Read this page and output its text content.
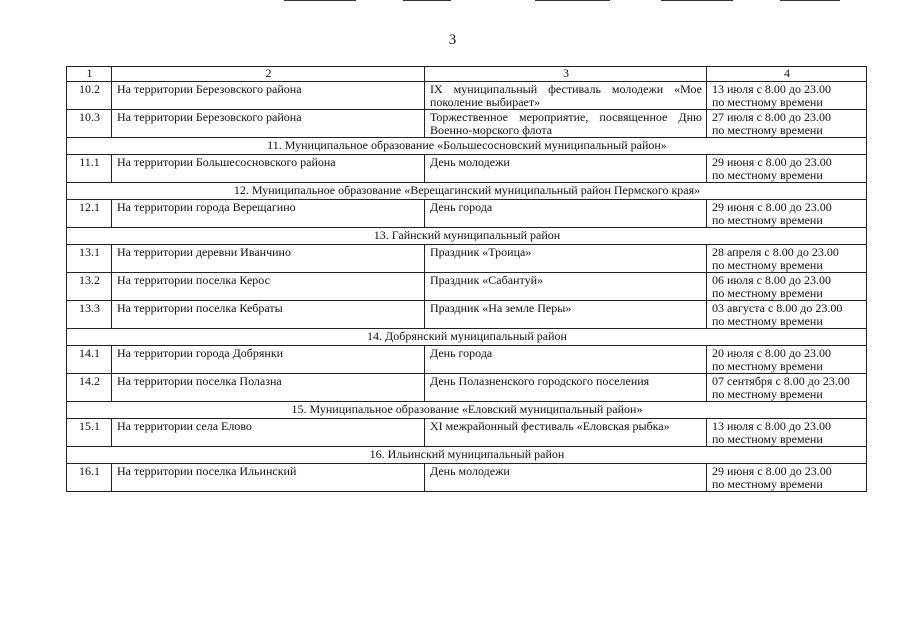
3
1	2	3	4
10.2	На территории Березовского района	IX муниципальный фестиваль молодежи «Мое поколение выбирает»	13 июля с 8.00 до 23.00
по местному времени

10.3	На территории Березовского района	Торжественное мероприятие, посвященное Дню Военно-морского флота	27 июля с 8.00 до 23.00
по местному времени

11. Муниципальное образование «Большесосновский муниципальный район»			
11.1	На территории Большесосновского района	День молодежи	29 июня с 8.00 до 23.00
по местному времени

12. Муниципальное образование «Верещагинский муниципальный район Пермского края»			
12.1	На территории города Верещагино	День города	29 июня с 8.00 до 23.00
по местному времени

13. Гайнский муниципальный район			
13.1	На территории деревни Иванчино	Праздник «Троица»	28 апреля с 8.00 до 23.00
по местному времени

13.2	На территории поселка Керос	Праздник «Сабантуй»	06 июля с 8.00 до 23.00
по местному времени

13.3	На территории поселка Кебраты	Праздник «На земле Перы»	03 августа с 8.00 до 23.00
по местному времени

14. Добрянский муниципальный район			
14.1	На территории города Добрянки	День города	20 июля с 8.00 до 23.00
по местному времени

14.2	На территории поселка Полазна	День Полазненского городского поселения	07 сентября с 8.00 до 23.00
по местному времени

15. Муниципальное образование «Еловский муниципальный район»			
15.1	На территории села Елово	XI межрайонный фестиваль «Еловская рыбка»	13 июля с 8.00 до 23.00
по местному времени

16. Ильинский муниципальный район			
16.1	На территории поселка Ильинский	День молодежи	29 июня с 8.00 до 23.00
по местному времени
